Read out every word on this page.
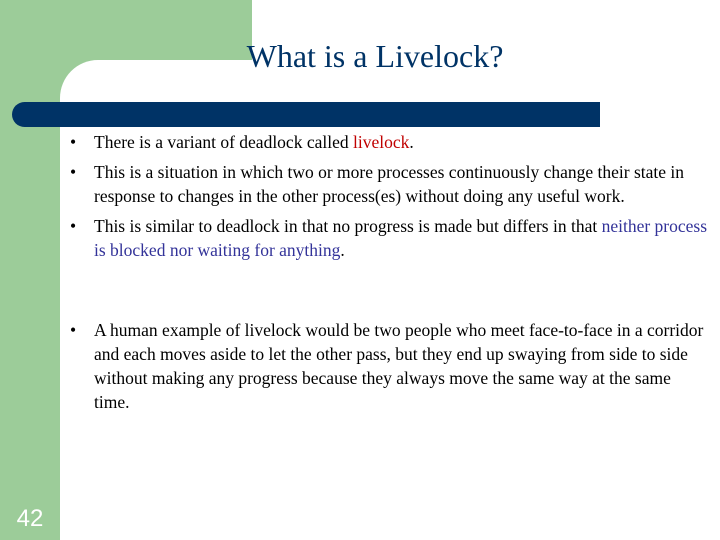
What is a Livelock?
• There is a variant of deadlock called livelock.
• This is a situation in which two or more processes continuously change their state in response to changes in the other process(es) without doing any useful work.
• This is similar to deadlock in that no progress is made but differs in that neither process is blocked nor waiting for anything.
• A human example of livelock would be two people who meet face-to-face in a corridor and each moves aside to let the other pass, but they end up swaying from side to side without making any progress because they always move the same way at the same time.
42
